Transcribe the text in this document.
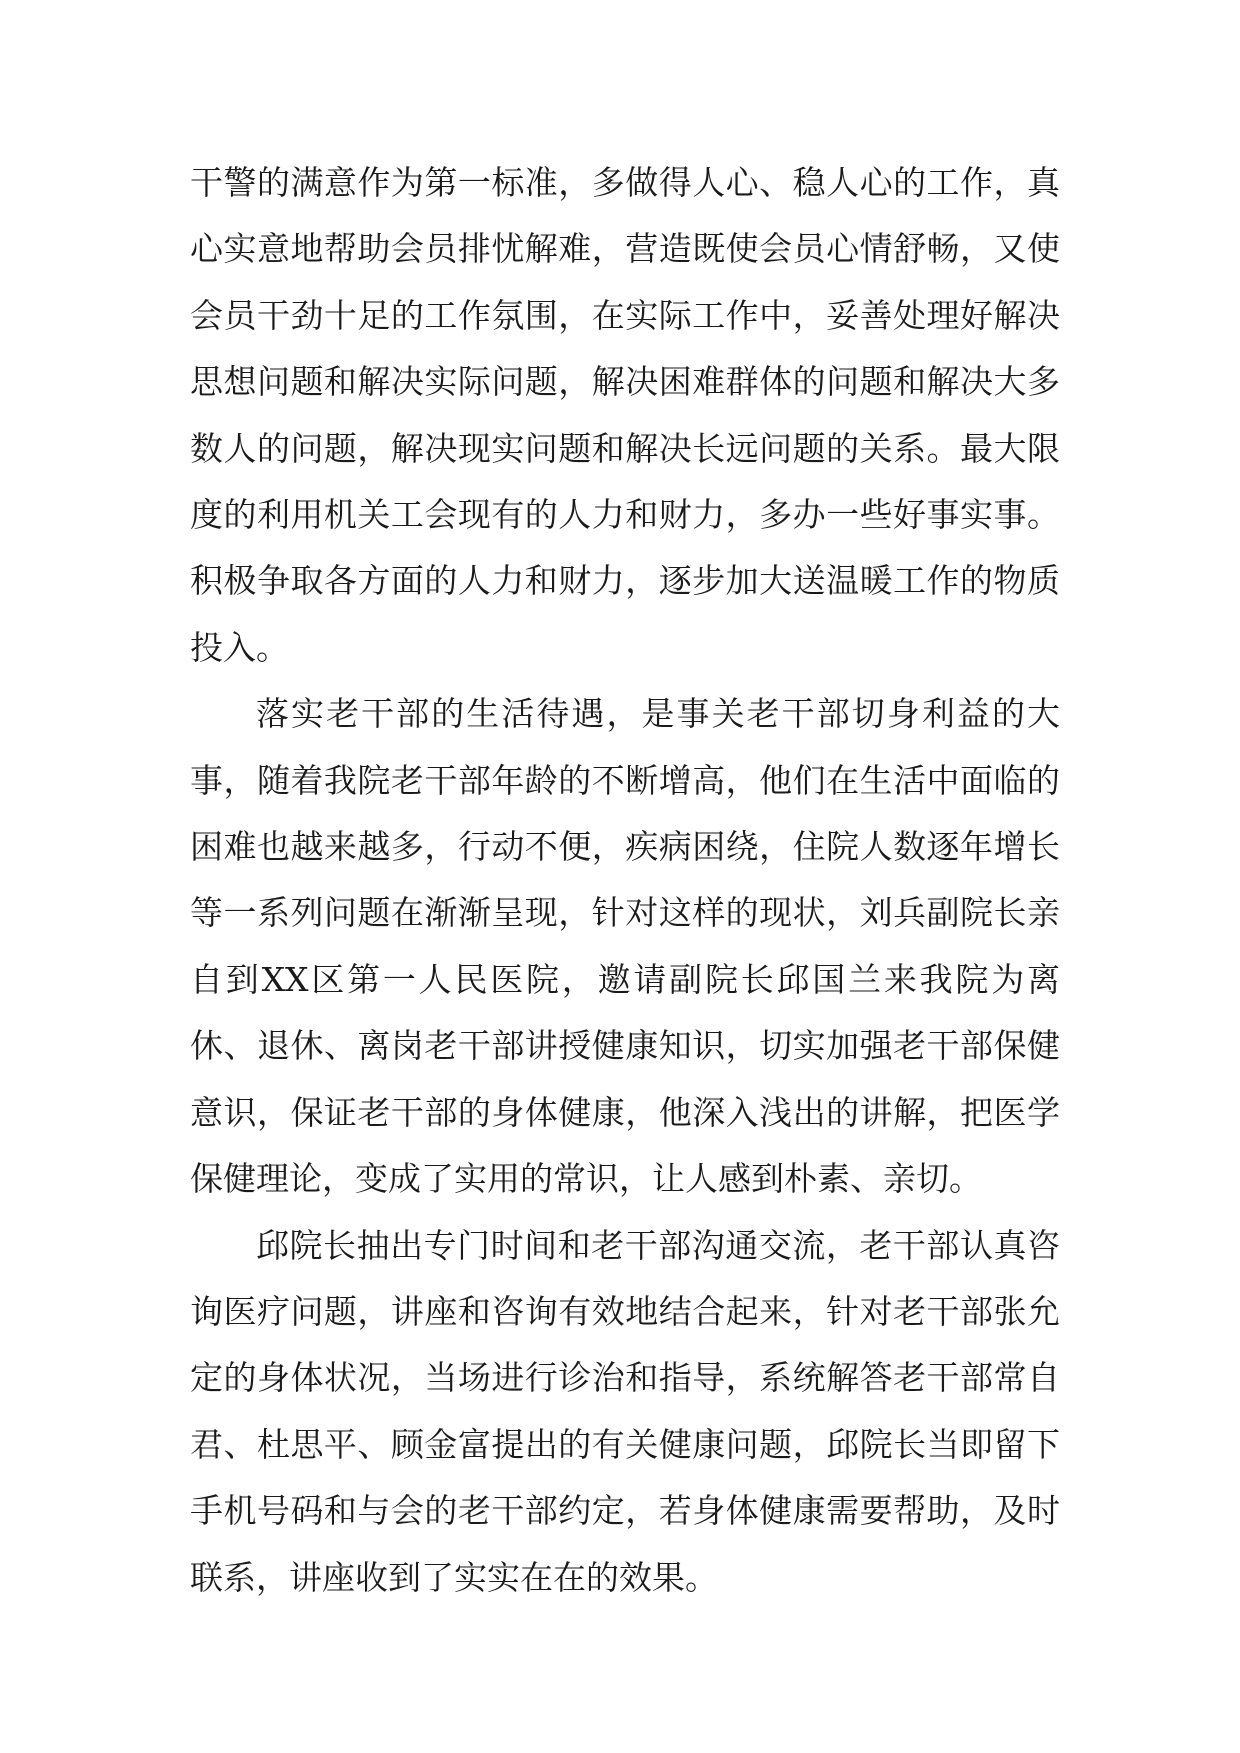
干警的满意作为第一标准，多做得人心、稳人心的工作，真心实意地帮助会员排忧解难，营造既使会员心情舒畅，又使会员干劲十足的工作氛围，在实际工作中，妥善处理好解决思想问题和解决实际问题，解决困难群体的问题和解决大多数人的问题，解决现实问题和解决长远问题的关系。最大限度的利用机关工会现有的人力和财力，多办一些好事实事。积极争取各方面的人力和财力，逐步加大送温暖工作的物质投入。

落实老干部的生活待遇，是事关老干部切身利益的大事，随着我院老干部年龄的不断增高，他们在生活中面临的困难也越来越多，行动不便，疾病困绕，住院人数逐年增长等一系列问题在渐渐呈现，针对这样的现状，刘兵副院长亲自到XX区第一人民医院，邀请副院长邱国兰来我院为离休、退休、离岗老干部讲授健康知识，切实加强老干部保健意识，保证老干部的身体健康，他深入浅出的讲解，把医学保健理论，变成了实用的常识，让人感到朴素、亲切。

邱院长抽出专门时间和老干部沟通交流，老干部认真咨询医疗问题，讲座和咨询有效地结合起来，针对老干部张允定的身体状况，当场进行诊治和指导，系统解答老干部常自君、杜思平、顾金富提出的有关健康问题，邱院长当即留下手机号码和与会的老干部约定，若身体健康需要帮助，及时联系，讲座收到了实实在在的效果。
